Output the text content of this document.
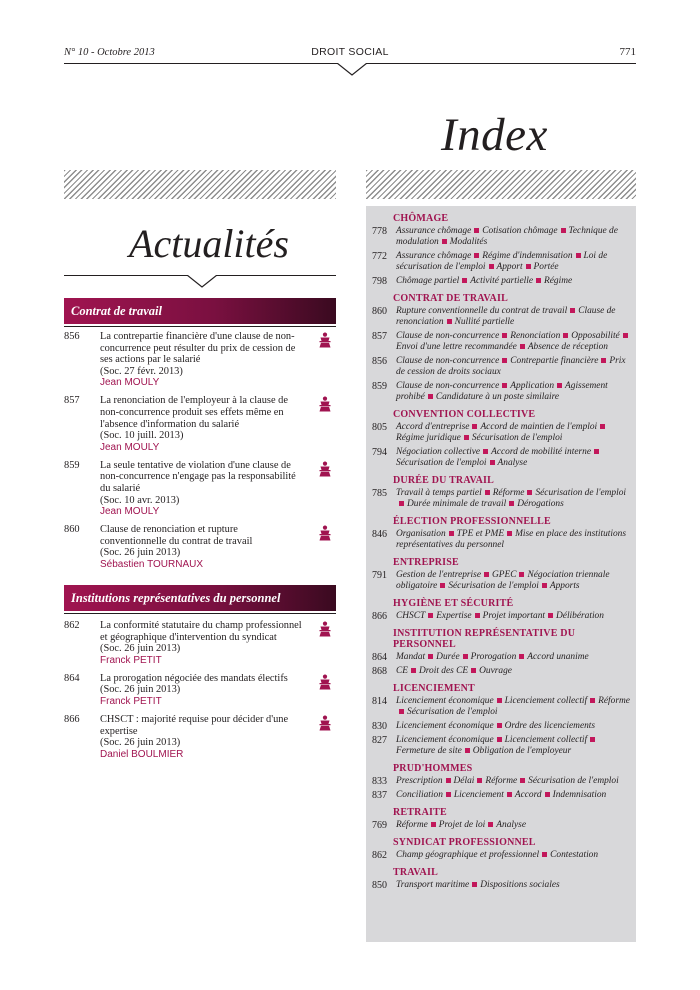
N° 10 - Octobre 2013	DROIT SOCIAL	771
Index
Actualités
Contrat de travail
856 La contrepartie financière d'une clause de non-concurrence peut résulter du prix de cession de ses actions par le salarié
(Soc. 27 févr. 2013)
Jean MOULY
857 La renonciation de l'employeur à la clause de non-concurrence produit ses effets même en l'absence d'information du salarié
(Soc. 10 juill. 2013)
Jean MOULY
859 La seule tentative de violation d'une clause de non-concurrence n'engage pas la responsabilité du salarié
(Soc. 10 avr. 2013)
Jean MOULY
860 Clause de renonciation et rupture conventionnelle du contrat de travail
(Soc. 26 juin 2013)
Sébastien TOURNAUX
Institutions représentatives du personnel
862 La conformité statutaire du champ professionnel et géographique d'intervention du syndicat
(Soc. 26 juin 2013)
Franck PETIT
864 La prorogation négociée des mandats électifs
(Soc. 26 juin 2013)
Franck PETIT
866 CHSCT : majorité requise pour décider d'une expertise
(Soc. 26 juin 2013)
Daniel BOULMIER
CHÔMAGE
778 Assurance chômage Cotisation chômage Technique de modulation Modalités
772 Assurance chômage Régime d'indemnisation Loi de sécurisation de l'emploi Apport Portée
798 Chômage partiel Activité partielle Régime
CONTRAT DE TRAVAIL
860 Rupture conventionnelle du contrat de travail Clause de renonciation Nullité partielle
857 Clause de non-concurrence Renonciation OpposabilitéEnvoi d'une lettre recommandée Absence de réception
856 Clause de non-concurrence Contrepartie financière Prix de cession de droits sociaux
859 Clause de non-concurrence Application Agissement prohibé Candidature à un poste similaire
CONVENTION COLLECTIVE
805 Accord d'entreprise Accord de maintien de l'emploiRégime juridique Sécurisation de l'emploi
794 Négociation collective Accord de mobilité interneSécurisation de l'emploi Analyse
DURÉE DU TRAVAIL
785 Travail à temps partiel Réforme Sécurisation de l'emploiDurée minimale de travail Dérogations
ÉLECTION PROFESSIONNELLE
846 Organisation TPE et PME Mise en place des institutions représentatives du personnel
ENTREPRISE
791 Gestion de l'entreprise GPEC Négociation triennale obligatoire Sécurisation de l'emploi Apports
HYGIÈNE ET SÉCURITÉ
866 CHSCT Expertise Projet important Délibération
INSTITUTION REPRÉSENTATIVE DU PERSONNEL
864 Mandat Durée Prorogation Accord unanime
868 CE Droit des CE Ouvrage
LICENCIEMENT
814 Licenciement économique Licenciement collectif RéformeSécurisation de l'emploi
830 Licenciement économique Ordre des licenciements
827 Licenciement économique Licenciement collectifFermeture de site Obligation de l'employeur
PRUD'HOMMES
833 Prescription Délai Réforme Sécurisation de l'emploi
837 Conciliation Licenciement Accord Indemnisation
RETRAITE
769 Réforme Projet de loi Analyse
SYNDICAT PROFESSIONNEL
862 Champ géographique et professionnel Contestation
TRAVAIL
850 Transport maritime Dispositions sociales
